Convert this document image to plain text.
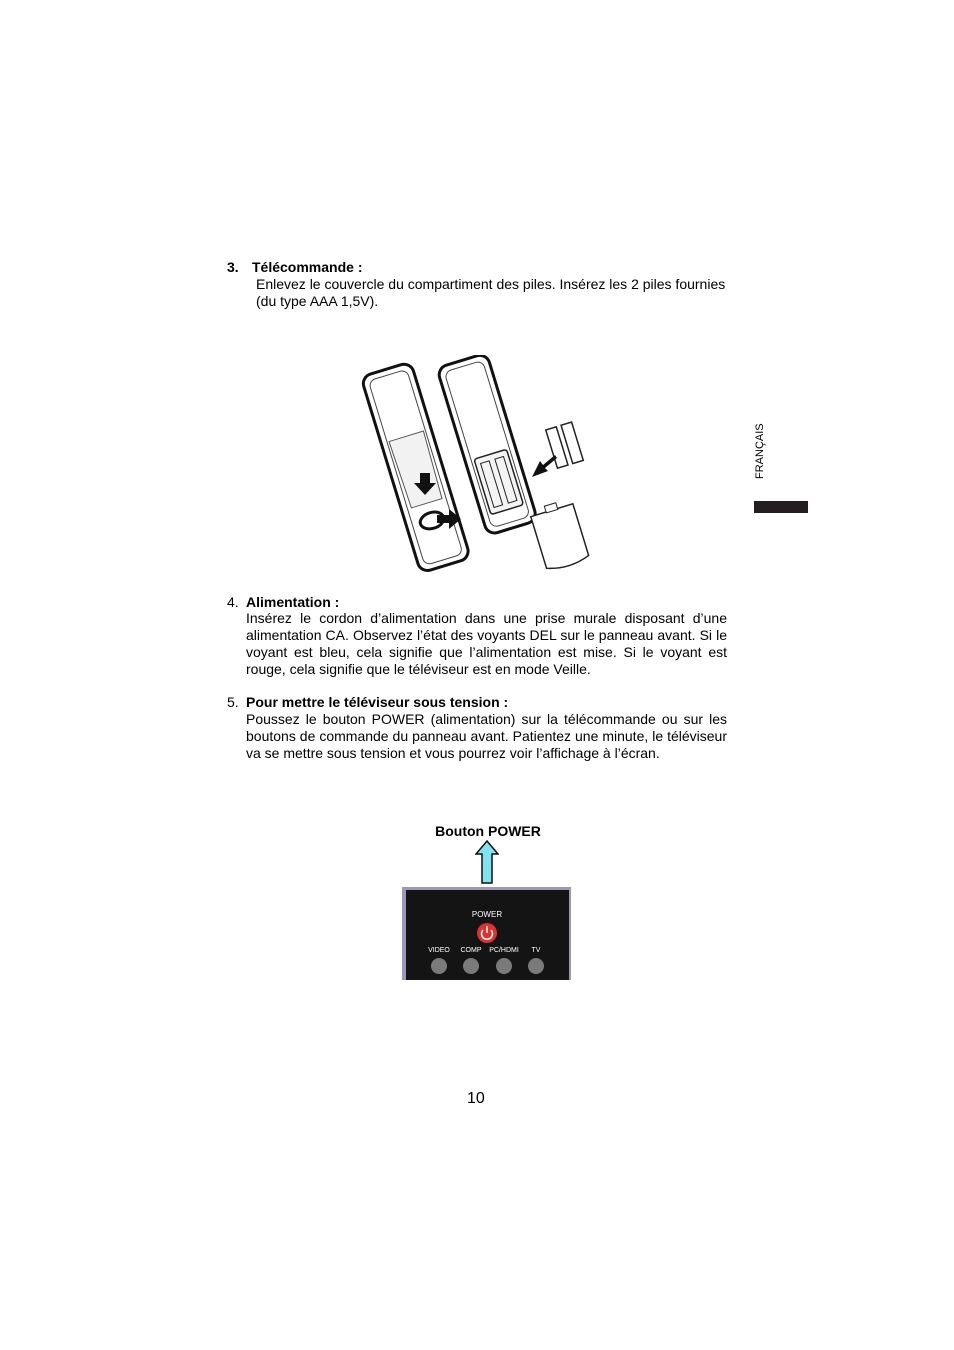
3. Télécommande :
Enlevez le couvercle du compartiment des piles. Insérez les 2 piles fournies (du type AAA 1,5V).
4. Alimentation :
Insérez le cordon d’alimentation dans une prise murale disposant d’une alimentation CA. Observez l’état des voyants DEL sur le panneau avant. Si le voyant est bleu, cela signifie que l’alimentation est mise. Si le voyant est rouge, cela signifie que le téléviseur est en mode Veille.
5. Pour mettre le téléviseur sous tension :
Poussez le bouton POWER (alimentation) sur la télécommande ou sur les boutons de commande du panneau avant. Patientez une minute, le téléviseur va se mettre sous tension et vous pourrez voir l’affichage à l’écran.
Bouton POWER
POWER
VIDEO COMP PC/HDMI TV
10
FRANÇAIS
